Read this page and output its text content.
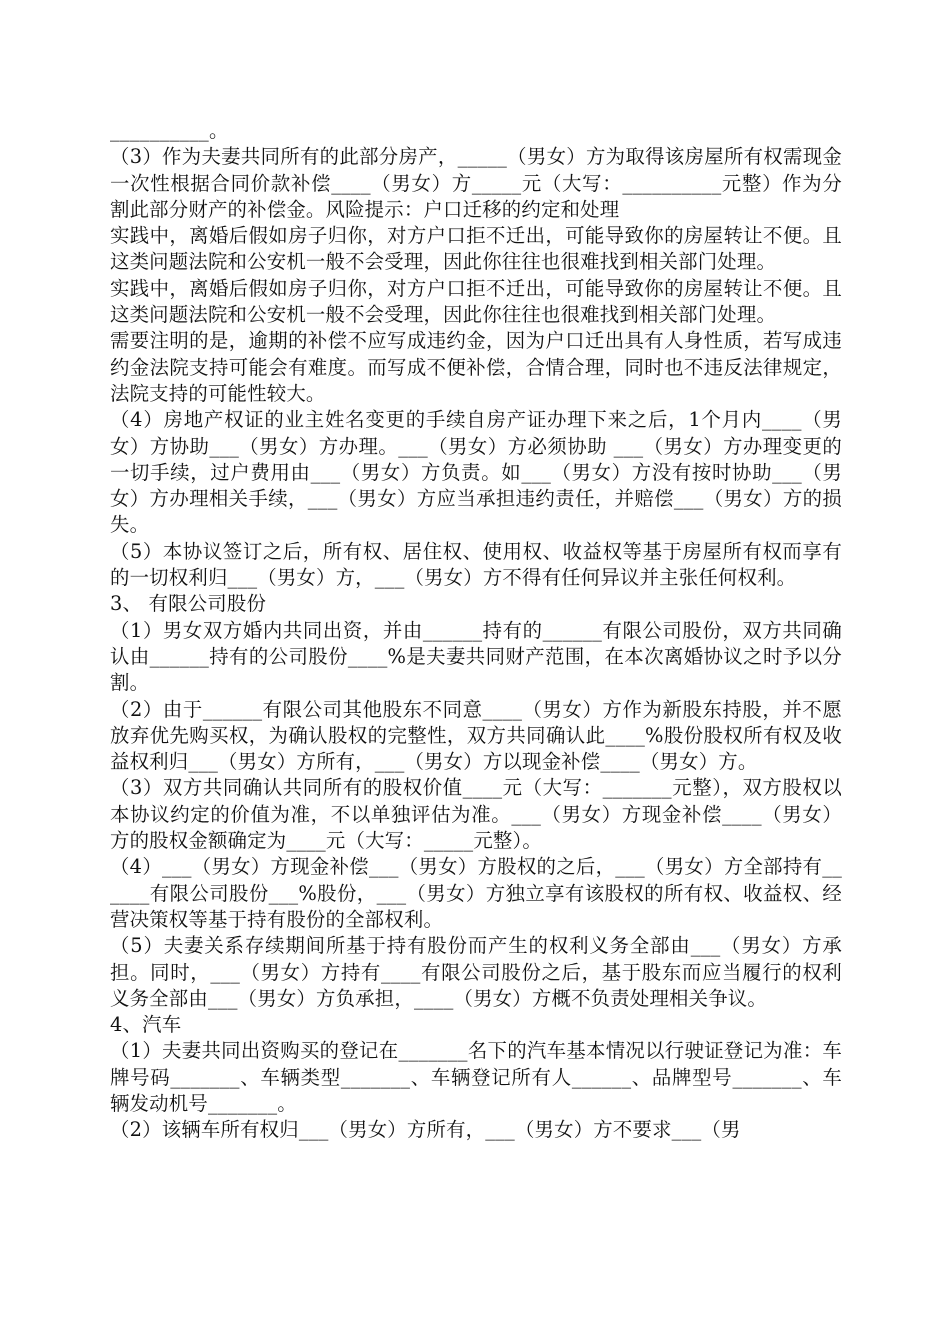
__________。

（3）作为夫妻共同所有的此部分房产，_____（男女）方为取得该房屋所有权需现金一次性根据合同价款补偿____（男女）方_____元（大写：__________元整）作为分割此部分财产的补偿金。风险提示：户口迁移的约定和处理

实践中，离婚后假如房子归你，对方户口拒不迁出，可能导致你的房屋转让不便。且这类问题法院和公安机一般不会受理，因此你往往也很难找到相关部门处理。

实践中，离婚后假如房子归你，对方户口拒不迁出，可能导致你的房屋转让不便。且这类问题法院和公安机一般不会受理，因此你往往也很难找到相关部门处理。

需要注明的是，逾期的补偿不应写成违约金，因为户口迁出具有人身性质，若写成违约金法院支持可能会有难度。而写成不便补偿，合情合理，同时也不违反法律规定，法院支持的可能性较大。

（4）房地产权证的业主姓名变更的手续自房产证办理下来之后，1个月内____（男女）方协助___（男女）方办理。___（男女）方必须协助 ___（男女）方办理变更的一切手续，过户费用由___（男女）方负责。如___（男女）方没有按时协助___（男女）方办理相关手续，___（男女）方应当承担违约责任，并赔偿___（男女）方的损失。

（5）本协议签订之后，所有权、居住权、使用权、收益权等基于房屋所有权而享有的一切权利归___（男女）方，___（男女）方不得有任何异议并主张任何权利。

3、 有限公司股份

（1）男女双方婚内共同出资，并由______持有的______有限公司股份，双方共同确认由______持有的公司股份____%是夫妻共同财产范围，在本次离婚协议之时予以分割。

（2）由于______有限公司其他股东不同意____（男女）方作为新股东持股，并不愿放弃优先购买权，为确认股权的完整性，双方共同确认此____%股份股权所有权及收益权利归___（男女）方所有，___（男女）方以现金补偿____（男女）方。

（3）双方共同确认共同所有的股权价值____元（大写：_______元整），双方股权以本协议约定的价值为准，不以单独评估为准。___（男女）方现金补偿____（男女）方的股权金额确定为____元（大写：_____元整）。

（4）___（男女）方现金补偿___（男女）方股权的之后，___（男女）方全部持有______有限公司股份___%股份，___（男女）方独立享有该股权的所有权、收益权、经营决策权等基于持有股份的全部权利。

（5）夫妻关系存续期间所基于持有股份而产生的权利义务全部由___（男女）方承担。同时，___（男女）方持有____有限公司股份之后，基于股东而应当履行的权利义务全部由___（男女）方负承担，____（男女）方概不负责处理相关争议。

4、汽车

（1）夫妻共同出资购买的登记在_______名下的汽车基本情况以行驶证登记为准：车牌号码_______、车辆类型_______、车辆登记所有人______、品牌型号_______、车辆发动机号_______。

（2）该辆车所有权归___（男女）方所有，___（男女）方不要求___（男
